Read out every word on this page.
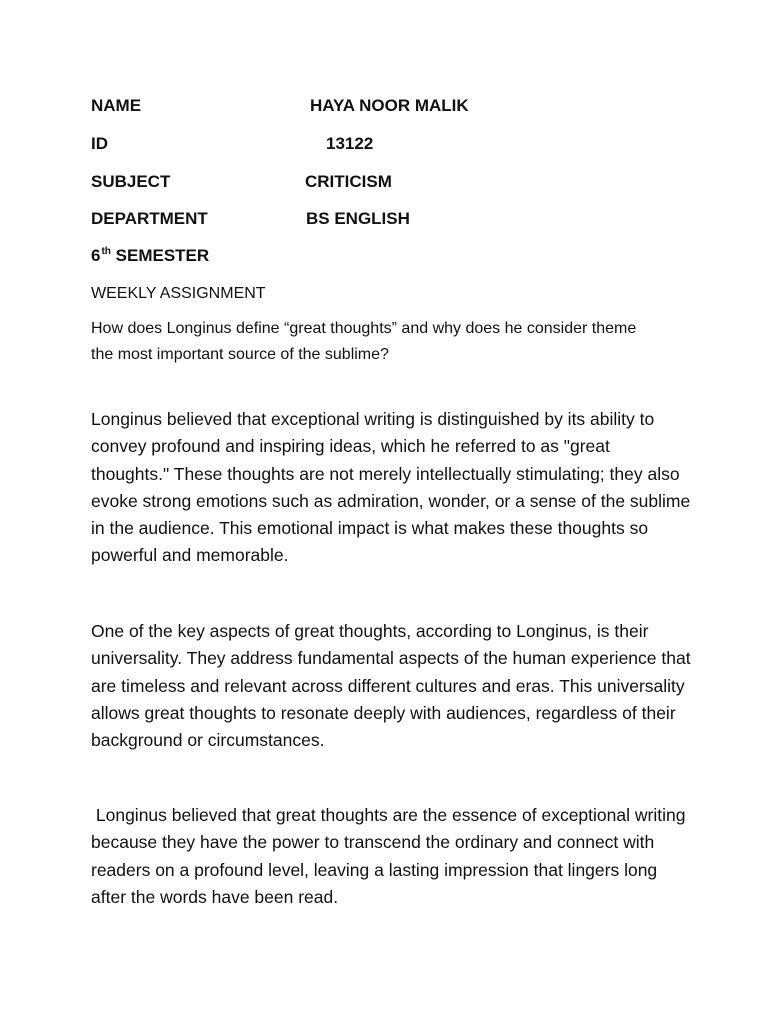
NAME	HAYA NOOR MALIK
ID	13122
SUBJECT	CRITICISM
DEPARTMENT	BS ENGLISH
6th SEMESTER
WEEKLY ASSIGNMENT
How does Longinus define “great thoughts” and why does he consider theme the most important source of the sublime?
Longinus believed that exceptional writing is distinguished by its ability to convey profound and inspiring ideas, which he referred to as "great thoughts." These thoughts are not merely intellectually stimulating; they also evoke strong emotions such as admiration, wonder, or a sense of the sublime in the audience. This emotional impact is what makes these thoughts so powerful and memorable.
One of the key aspects of great thoughts, according to Longinus, is their universality. They address fundamental aspects of the human experience that are timeless and relevant across different cultures and eras. This universality allows great thoughts to resonate deeply with audiences, regardless of their background or circumstances.
Longinus believed that great thoughts are the essence of exceptional writing because they have the power to transcend the ordinary and connect with readers on a profound level, leaving a lasting impression that lingers long after the words have been read.
